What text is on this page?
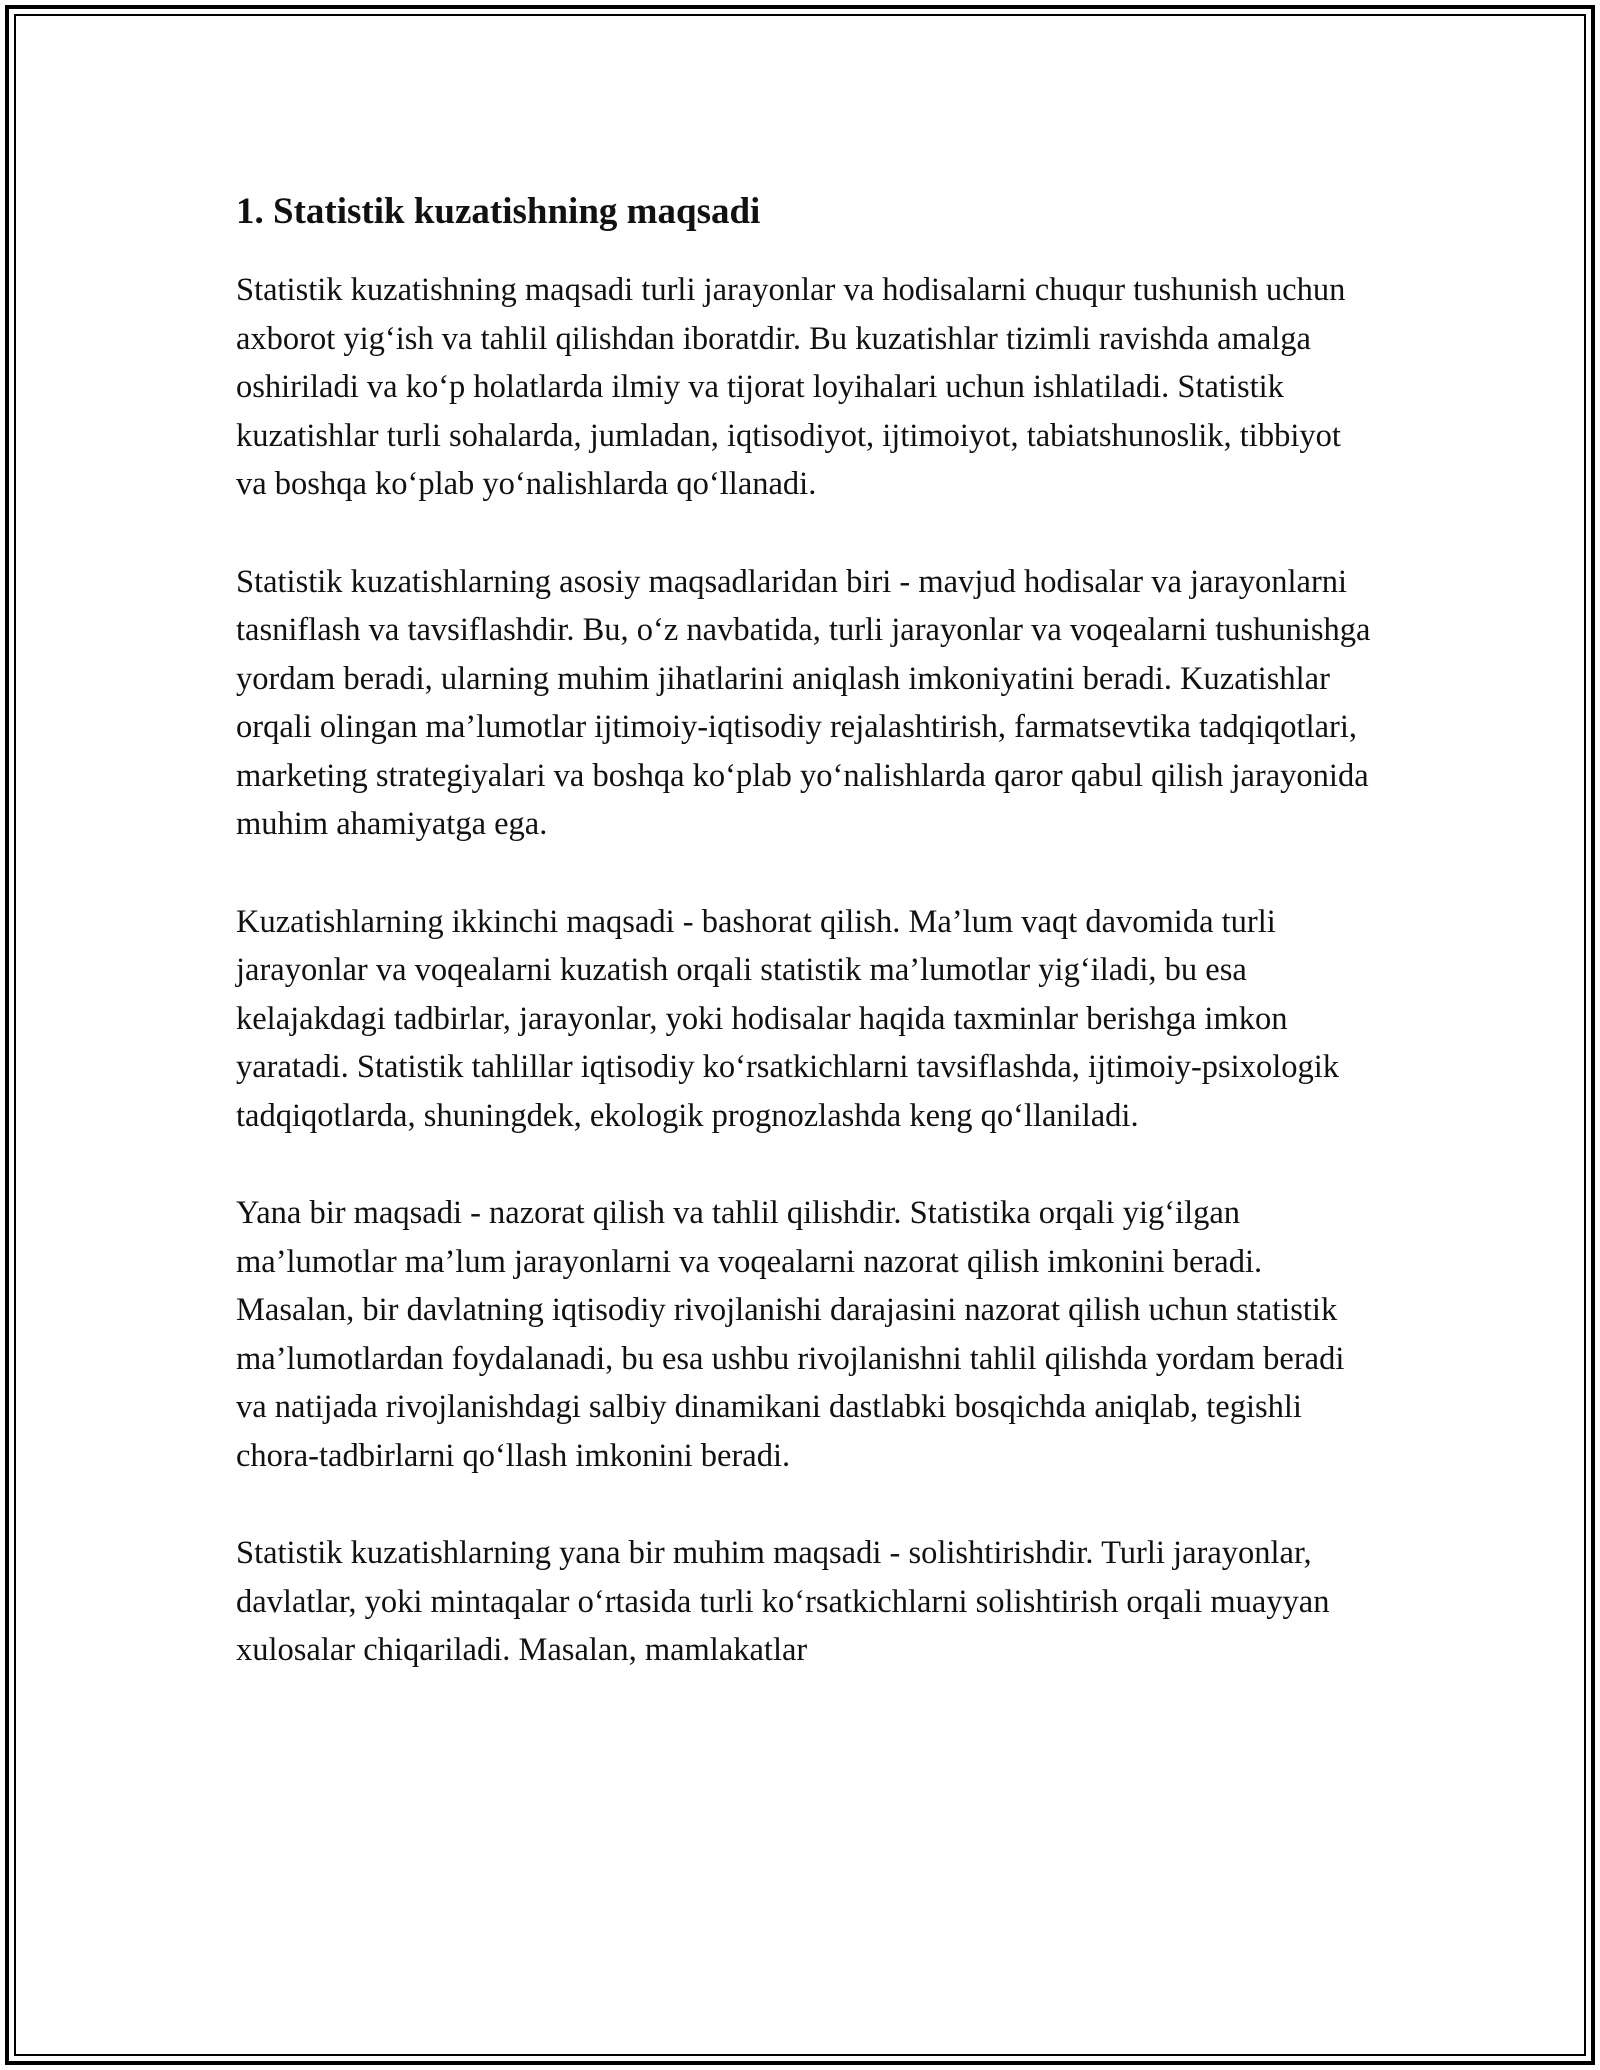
1. Statistik kuzatishning maqsadi

Statistik kuzatishning maqsadi turli jarayonlar va hodisalarni chuqur tushunish uchun axborot yig‘ish va tahlil qilishdan iboratdir. Bu kuzatishlar tizimli ravishda amalga oshiriladi va ko‘p holatlarda ilmiy va tijorat loyihalari uchun ishlatiladi. Statistik kuzatishlar turli sohalarda, jumladan, iqtisodiyot, ijtimoiyot, tabiatshunoslik, tibbiyot va boshqa ko‘plab yo‘nalishlarda qo‘llanadi.

Statistik kuzatishlarning asosiy maqsadlaridan biri - mavjud hodisalar va jarayonlarni tasniflash va tavsiflashdir. Bu, o‘z navbatida, turli jarayonlar va voqealarni tushunishga yordam beradi, ularning muhim jihatlarini aniqlash imkoniyatini beradi. Kuzatishlar orqali olingan ma’lumotlar ijtimoiy-iqtisodiy rejalashtirish, farmatsevtika tadqiqotlari, marketing strategiyalari va boshqa ko‘plab yo‘nalishlarda qaror qabul qilish jarayonida muhim ahamiyatga ega.

Kuzatishlarning ikkinchi maqsadi - bashorat qilish. Ma’lum vaqt davomida turli jarayonlar va voqealarni kuzatish orqali statistik ma’lumotlar yig‘iladi, bu esa kelajakdagi tadbirlar, jarayonlar, yoki hodisalar haqida taxminlar berishga imkon yaratadi. Statistik tahlillar iqtisodiy ko‘rsatkichlarni tavsiflashda, ijtimoiy-psixologik tadqiqotlarda, shuningdek, ekologik prognozlashda keng qo‘llaniladi.

Yana bir maqsadi - nazorat qilish va tahlil qilishdir. Statistika orqali yig‘ilgan ma’lumotlar ma’lum jarayonlarni va voqealarni nazorat qilish imkonini beradi. Masalan, bir davlatning iqtisodiy rivojlanishi darajasini nazorat qilish uchun statistik ma’lumotlardan foydalanadi, bu esa ushbu rivojlanishni tahlil qilishda yordam beradi va natijada rivojlanishdagi salbiy dinamikani dastlabki bosqichda aniqlab, tegishli chora-tadbirlarni qo‘llash imkonini beradi.

Statistik kuzatishlarning yana bir muhim maqsadi - solishtirishdir. Turli jarayonlar, davlatlar, yoki mintaqalar o‘rtasida turli ko‘rsatkichlarni solishtirish orqali muayyan xulosalar chiqariladi. Masalan, mamlakatlar
